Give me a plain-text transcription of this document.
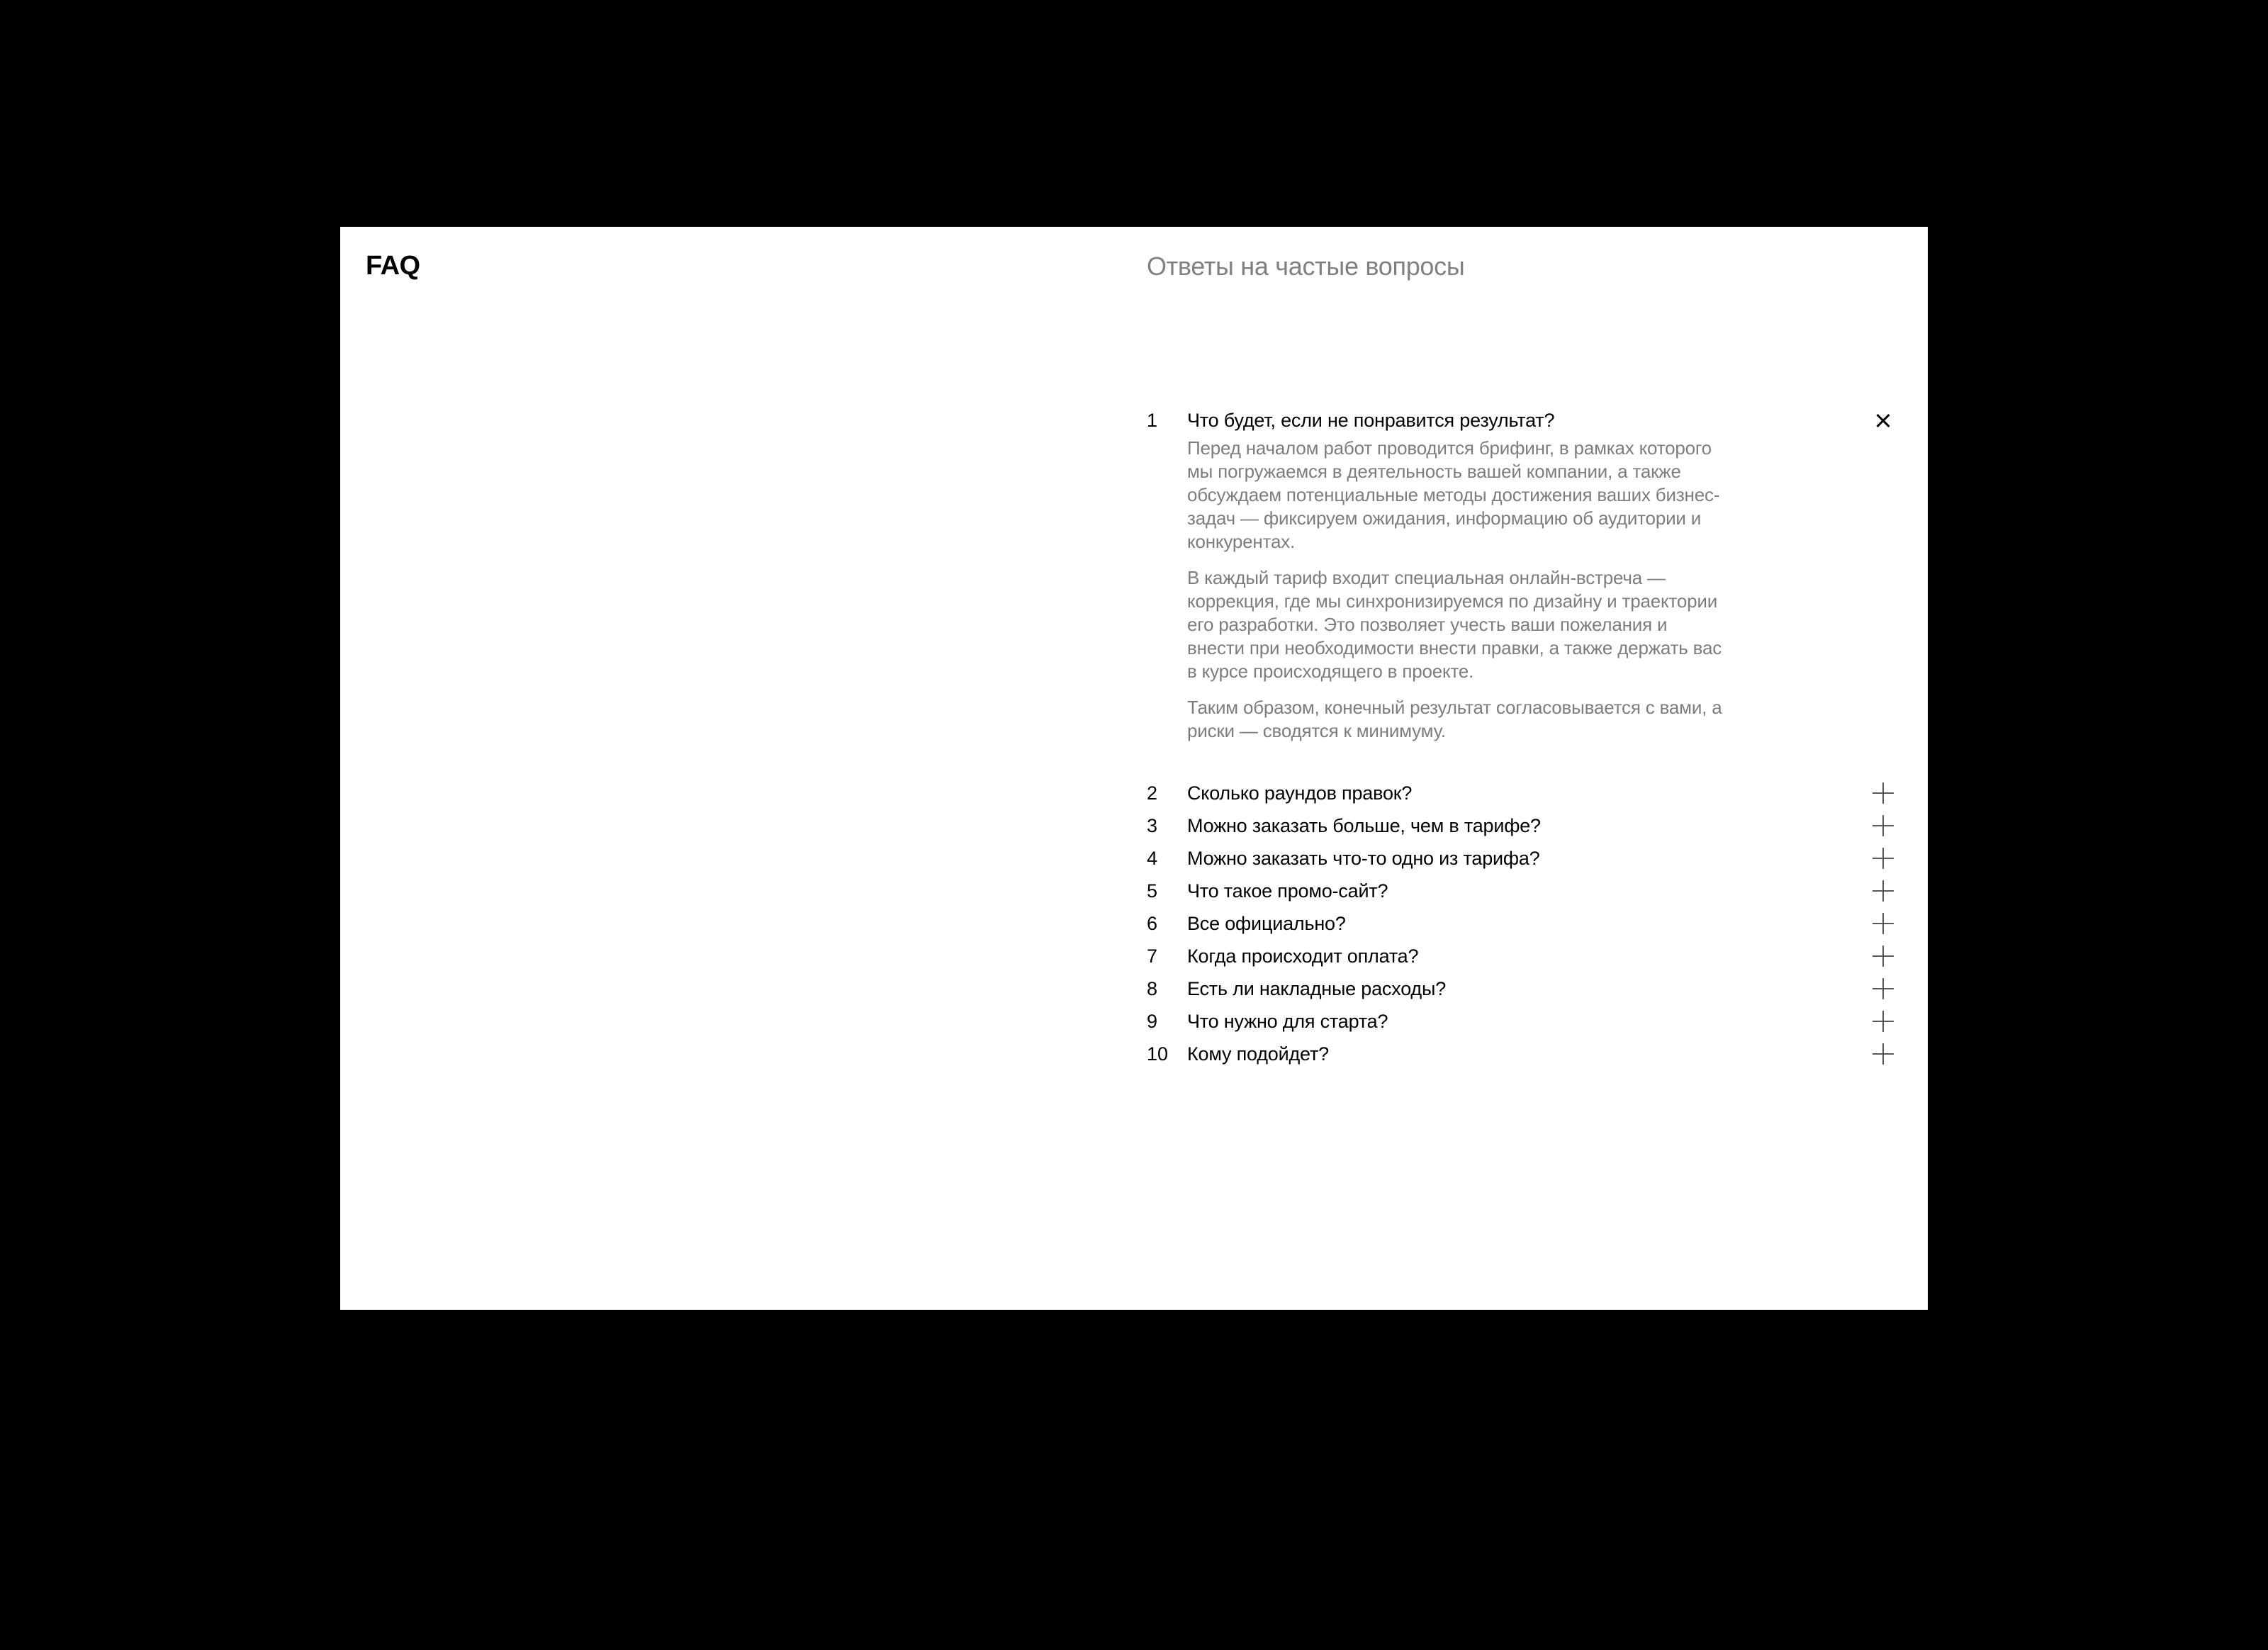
FAQ	Ответы на частые вопросы
1	Что будет, если не понравится результат?

Перед началом работ проводится брифинг, в рамках которого мы погружаемся в деятельность вашей компании, а также обсуждаем потенциальные методы достижения ваших бизнес-задач — фиксируем ожидания, информацию об аудитории и конкурентах.

В каждый тариф входит специальная онлайн-встреча — коррекция, где мы синхронизируемся по дизайну и траектории его разработки. Это позволяет учесть ваши пожелания и внести при необходимости внести правки, а также держать вас в курсе происходящего в проекте.

Таким образом, конечный результат согласовывается с вами, а риски — сводятся к минимуму.

2	Сколько раундов правок?
3	Можно заказать больше, чем в тарифе?
4	Можно заказать что-то одно из тарифа?
5	Что такое промо-сайт?
6	Все официально?
7	Когда происходит оплата?
8	Есть ли накладные расходы?
9	Что нужно для старта?
10 Кому подойдет?
